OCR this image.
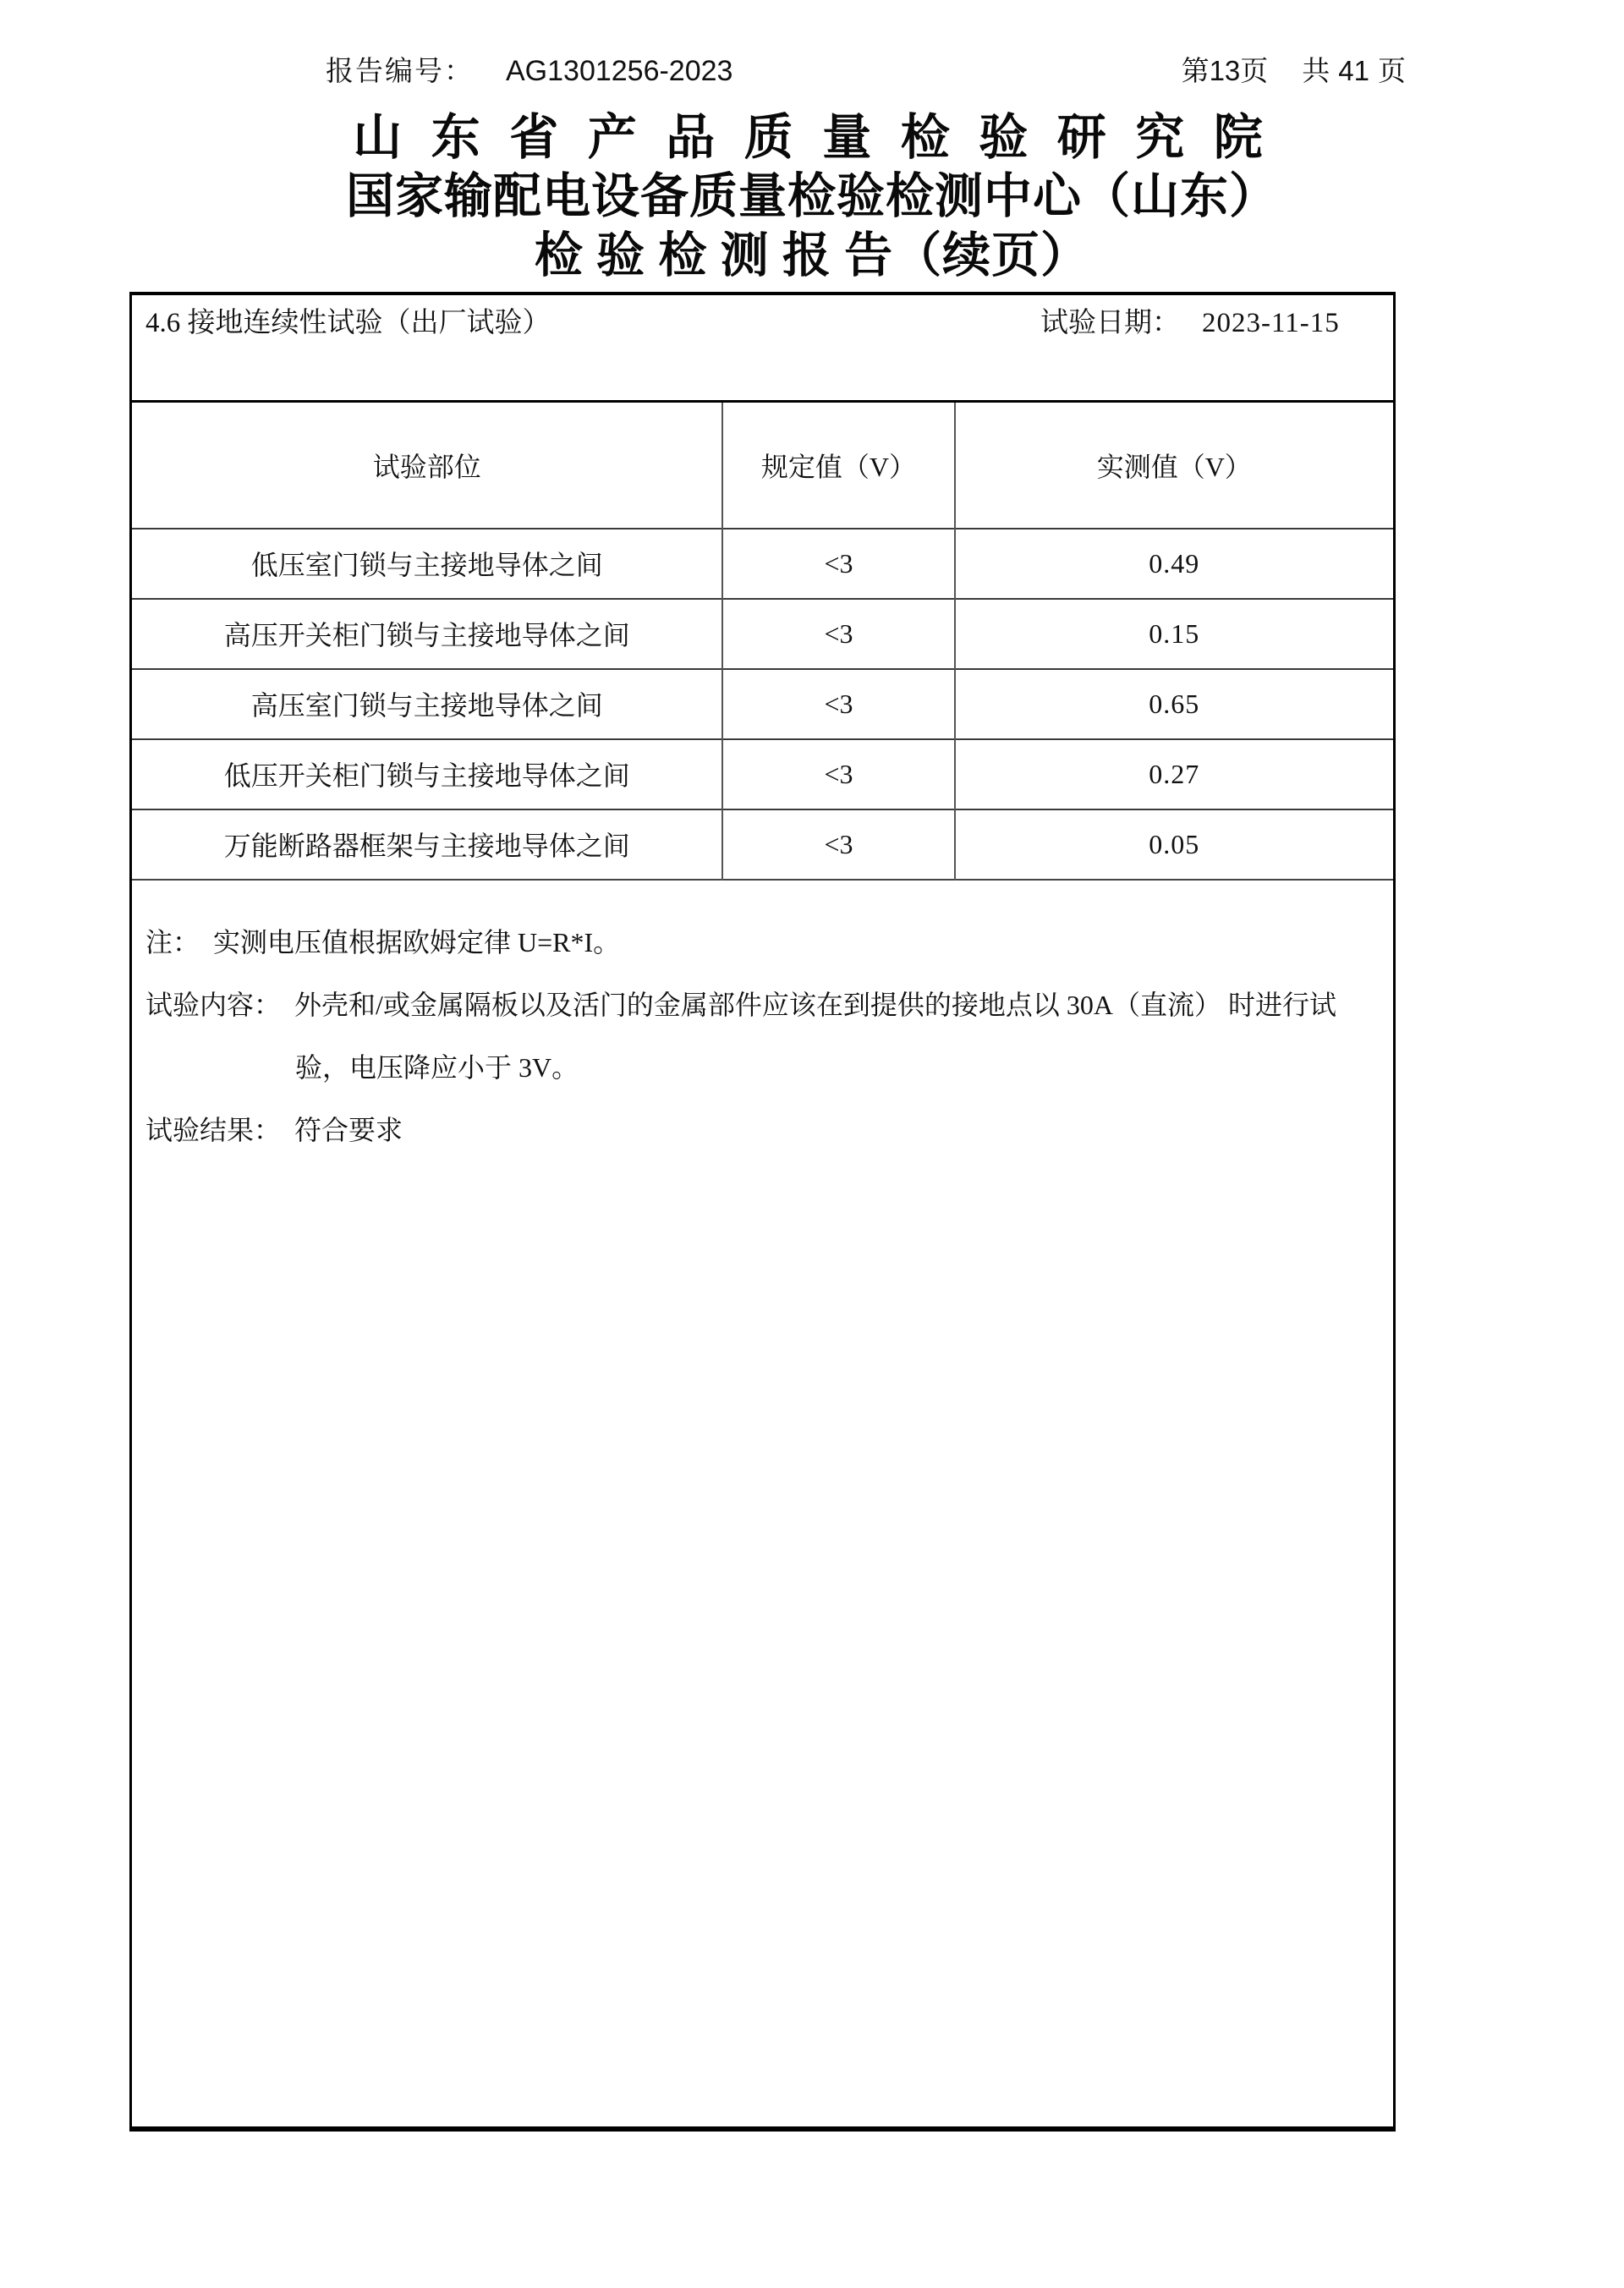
报告编号： AG1301256-2023	第13页 共 41 页
山 东 省 产 品 质 量 检 验 研 究 院
国家输配电设备质量检验检测中心（山东）
检 验 检 测 报 告（续页）
4.6 接地连续性试验（出厂试验）	试验日期： 2023-11-15
试验部位	规定值（V）	实测值（V）
低压室门锁与主接地导体之间	<3	0.49
高压开关柜门锁与主接地导体之间	<3	0.15
高压室门锁与主接地导体之间	<3	0.65
低压开关柜门锁与主接地导体之间	<3	0.27
万能断路器框架与主接地导体之间	<3	0.05

注： 实测电压值根据欧姆定律 U=R*I。

试验内容： 外壳和/或金属隔板以及活门的金属部件应该在到提供的接地点以 30A（直流） 时进行试

验，电压降应小于 3V。

试验结果： 符合要求
